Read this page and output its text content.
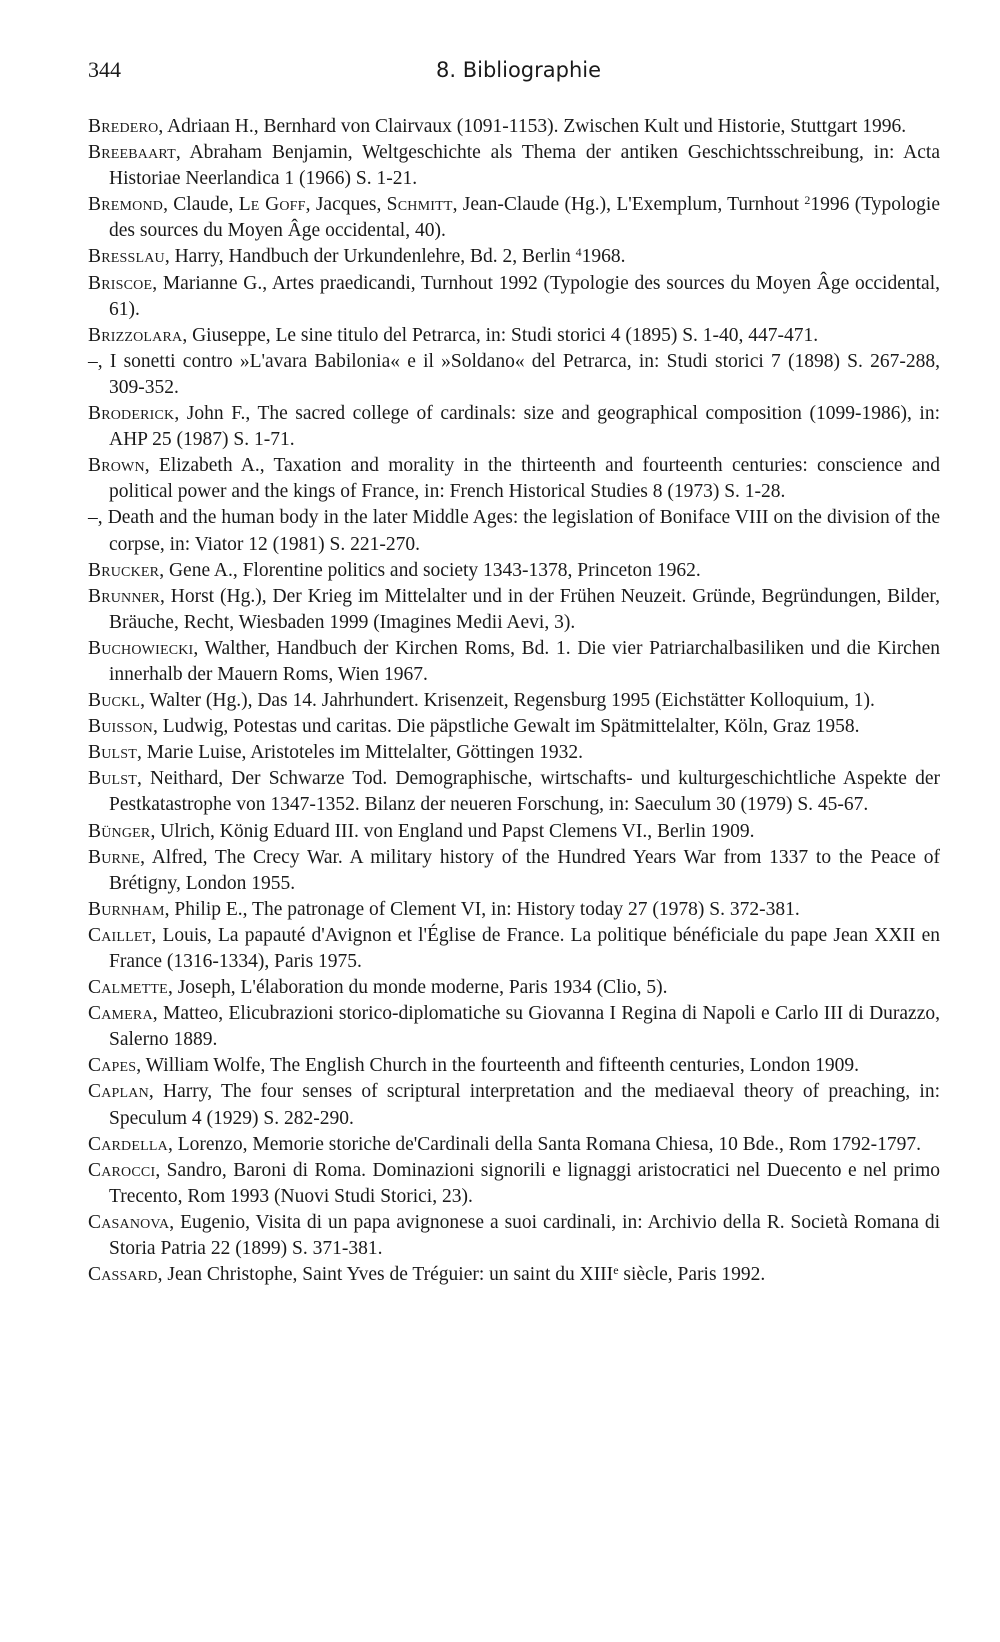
344	8. Bibliographie

Bredero, Adriaan H., Bernhard von Clairvaux (1091-1153). Zwischen Kult und Historie, Stuttgart 1996.

Breebaart, Abraham Benjamin, Weltgeschichte als Thema der antiken Geschichtsschreibung, in: Acta Historiae Neerlandica 1 (1966) S. 1-21.

Bremond, Claude, Le Goff, Jacques, Schmitt, Jean-Claude (Hg.), L'Exemplum, Turnhout $^2$1996 (Typologie des sources du Moyen Âge occidental, 40).

Bresslau, Harry, Handbuch der Urkundenlehre, Bd. 2, Berlin $^4$1968.

Briscoe, Marianne G., Artes praedicandi, Turnhout 1992 (Typologie des sources du Moyen Âge occidental, 61).

Brizzolara, Giuseppe, Le sine titulo del Petrarca, in: Studi storici 4 (1895) S. 1-40, 447-471.

–, I sonetti contro »L'avara Babilonia« e il »Soldano« del Petrarca, in: Studi storici 7 (1898) S. 267-288, 309-352.

Broderick, John F., The sacred college of cardinals: size and geographical composition (1099-1986), in: AHP 25 (1987) S. 1-71.

Brown, Elizabeth A., Taxation and morality in the thirteenth and fourteenth centuries: conscience and political power and the kings of France, in: French Historical Studies 8 (1973) S. 1-28.

–, Death and the human body in the later Middle Ages: the legislation of Boniface VIII on the division of the corpse, in: Viator 12 (1981) S. 221-270.

Brucker, Gene A., Florentine politics and society 1343-1378, Princeton 1962.

Brunner, Horst (Hg.), Der Krieg im Mittelalter und in der Frühen Neuzeit. Gründe, Begründungen, Bilder, Bräuche, Recht, Wiesbaden 1999 (Imagines Medii Aevi, 3).

Buchowiecki, Walther, Handbuch der Kirchen Roms, Bd. 1. Die vier Patriarchalbasiliken und die Kirchen innerhalb der Mauern Roms, Wien 1967.

Buckl, Walter (Hg.), Das 14. Jahrhundert. Krisenzeit, Regensburg 1995 (Eichstätter Kolloquium, 1).

Buisson, Ludwig, Potestas und caritas. Die päpstliche Gewalt im Spätmittelalter, Köln, Graz 1958.

Bulst, Marie Luise, Aristoteles im Mittelalter, Göttingen 1932.

Bulst, Neithard, Der Schwarze Tod. Demographische, wirtschafts- und kulturgeschichtliche Aspekte der Pestkatastrophe von 1347-1352. Bilanz der neueren Forschung, in: Saeculum 30 (1979) S. 45-67.

Bünger, Ulrich, König Eduard III. von England und Papst Clemens VI., Berlin 1909.

Burne, Alfred, The Crecy War. A military history of the Hundred Years War from 1337 to the Peace of Brétigny, London 1955.

Burnham, Philip E., The patronage of Clement VI, in: History today 27 (1978) S. 372-381.

Caillet, Louis, La papauté d'Avignon et l'Église de France. La politique bénéficiale du pape Jean XXII en France (1316-1334), Paris 1975.

Calmette, Joseph, L'élaboration du monde moderne, Paris 1934 (Clio, 5).

Camera, Matteo, Elicubrazioni storico-diplomatiche su Giovanna I Regina di Napoli e Carlo III di Durazzo, Salerno 1889.

Capes, William Wolfe, The English Church in the fourteenth and fifteenth centuries, London 1909.

Caplan, Harry, The four senses of scriptural interpretation and the mediaeval theory of preaching, in: Speculum 4 (1929) S. 282-290.

Cardella, Lorenzo, Memorie storiche de'Cardinali della Santa Romana Chiesa, 10 Bde., Rom 1792-1797.

Carocci, Sandro, Baroni di Roma. Dominazioni signorili e lignaggi aristocratici nel Duecento e nel primo Trecento, Rom 1993 (Nuovi Studi Storici, 23).

Casanova, Eugenio, Visita di un papa avignonese a suoi cardinali, in: Archivio della R. Società Romana di Storia Patria 22 (1899) S. 371-381.

Cassard, Jean Christophe, Saint Yves de Tréguier: un saint du XIIIe siècle, Paris 1992.
